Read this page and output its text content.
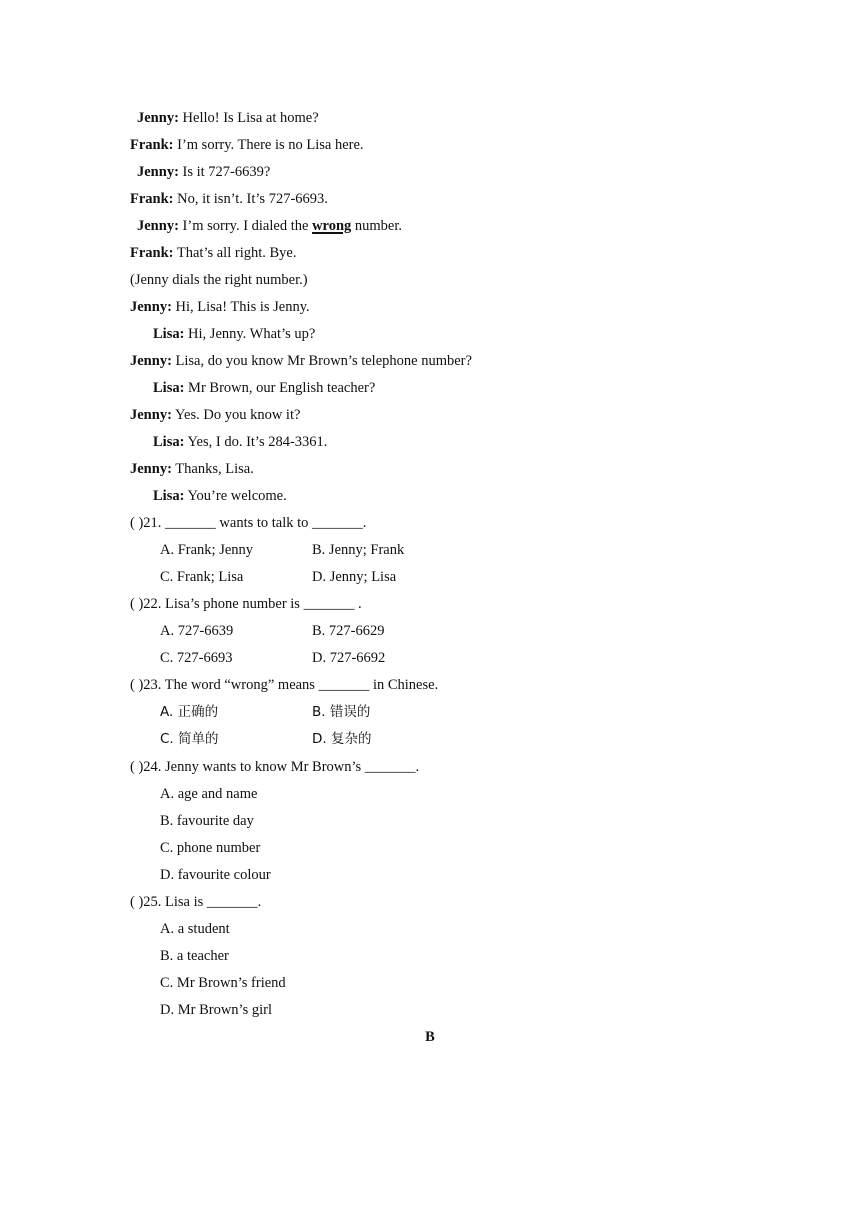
Jenny: Hello! Is Lisa at home?
Frank: I’m sorry. There is no Lisa here.
Jenny: Is it 727-6639?
Frank: No, it isn’t. It’s 727-6693.
Jenny: I’m sorry. I dialed the wrong number.
Frank: That’s all right. Bye.
(Jenny dials the right number.)
Jenny: Hi, Lisa! This is Jenny.
Lisa: Hi, Jenny. What’s up?
Jenny: Lisa, do you know Mr Brown’s telephone number?
Lisa: Mr Brown, our English teacher?
Jenny: Yes. Do you know it?
Lisa: Yes, I do. It’s 284-3361.
Jenny: Thanks, Lisa.
Lisa: You’re welcome.
( )21. _______ wants to talk to _______.
A. Frank; Jenny	B. Jenny; Frank
C. Frank; Lisa	D. Jenny; Lisa
( )22. Lisa’s phone number is _______ .
A. 727-6639	B. 727-6629
C. 727-6693	D. 727-6692
( )23. The word “wrong” means _______ in Chinese.
A. 正确的	B. 错误的
C. 简单的	D. 复杂的
( )24. Jenny wants to know Mr Brown’s _______.
A. age and name
B. favourite day
C. phone number
D. favourite colour
( )25. Lisa is _______.
A. a student
B. a teacher
C. Mr Brown’s friend
D. Mr Brown’s girl
B
